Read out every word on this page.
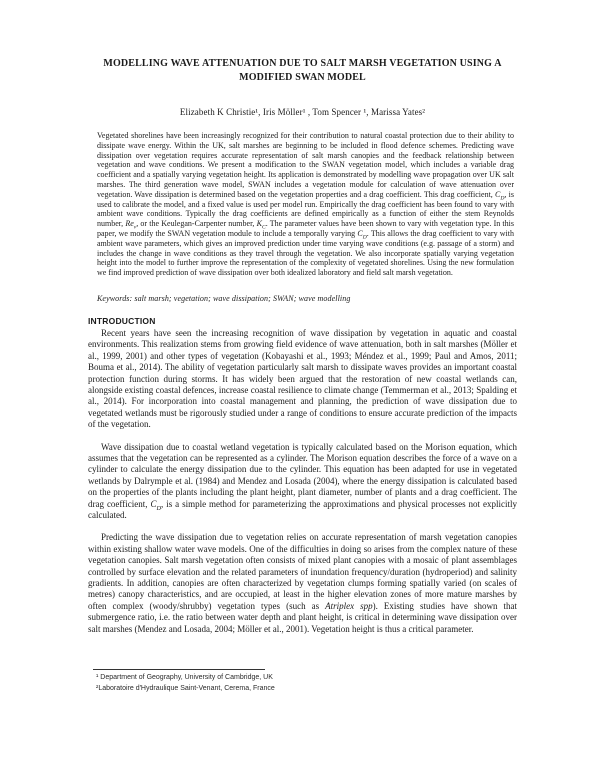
MODELLING WAVE ATTENUATION DUE TO SALT MARSH VEGETATION USING A
MODIFIED SWAN MODEL
Elizabeth K Christie¹, Iris Möller¹ , Tom Spencer ¹, Marissa Yates²
Vegetated shorelines have been increasingly recognized for their contribution to natural coastal protection due to their ability to dissipate wave energy. Within the UK, salt marshes are beginning to be included in flood defence schemes. Predicting wave dissipation over vegetation requires accurate representation of salt marsh canopies and the feedback relationship between vegetation and wave conditions. We present a modification to the SWAN vegetation model, which includes a variable drag coefficient and a spatially varying vegetation height. Its application is demonstrated by modelling wave propagation over UK salt marshes. The third generation wave model, SWAN includes a vegetation module for calculation of wave attenuation over vegetation. Wave dissipation is determined based on the vegetation properties and a drag coefficient. This drag coefficient, $C_D$, is used to calibrate the model, and a fixed value is used per model run. Empirically the drag coefficient has been found to vary with ambient wave conditions. Typically the drag coefficients are defined empirically as a function of either the stem Reynolds number, $Re_v$, or the Keulegan-Carpenter number, $K_C$. The parameter values have been shown to vary with vegetation type. In this paper, we modify the SWAN vegetation module to include a temporally varying $C_D$. This allows the drag coefficient to vary with ambient wave parameters, which gives an improved prediction under time varying wave conditions (e.g. passage of a storm) and includes the change in wave conditions as they travel through the vegetation. We also incorporate spatially varying vegetation height into the model to further improve the representation of the complexity of vegetated shorelines. Using the new formulation we find improved prediction of wave dissipation over both idealized laboratory and field salt marsh vegetation.
Keywords: salt marsh; vegetation; wave dissipation; SWAN; wave modelling
INTRODUCTION

Recent years have seen the increasing recognition of wave dissipation by vegetation in aquatic and coastal environments. This realization stems from growing field evidence of wave attenuation, both in salt marshes (Möller et al., 1999, 2001) and other types of vegetation (Kobayashi et al., 1993; Méndez et al., 1999; Paul and Amos, 2011; Bouma et al., 2014). The ability of vegetation particularly salt marsh to dissipate waves provides an important coastal protection function during storms. It has widely been argued that the restoration of new coastal wetlands can, alongside existing coastal defences, increase coastal resilience to climate change (Temmerman et al., 2013; Spalding et al., 2014). For incorporation into coastal management and planning, the prediction of wave dissipation due to vegetated wetlands must be rigorously studied under a range of conditions to ensure accurate prediction of the impacts of the vegetation.

Wave dissipation due to coastal wetland vegetation is typically calculated based on the Morison equation, which assumes that the vegetation can be represented as a cylinder. The Morison equation describes the force of a wave on a cylinder to calculate the energy dissipation due to the cylinder. This equation has been adapted for use in vegetated wetlands by Dalrymple et al. (1984) and Mendez and Losada (2004), where the energy dissipation is calculated based on the properties of the plants including the plant height, plant diameter, number of plants and a drag coefficient. The drag coefficient, $C_D$, is a simple method for parameterizing the approximations and physical processes not explicitly calculated.

Predicting the wave dissipation due to vegetation relies on accurate representation of marsh vegetation canopies within existing shallow water wave models. One of the difficulties in doing so arises from the complex nature of these vegetation canopies. Salt marsh vegetation often consists of mixed plant canopies with a mosaic of plant assemblages controlled by surface elevation and the related parameters of inundation frequency/duration (hydroperiod) and salinity gradients. In addition, canopies are often characterized by vegetation clumps forming spatially varied (on scales of metres) canopy characteristics, and are occupied, at least in the higher elevation zones of more mature marshes by often complex (woody/shrubby) vegetation types (such as Atriplex spp). Existing studies have shown that submergence ratio, i.e. the ratio between water depth and plant height, is critical in determining wave dissipation over salt marshes (Mendez and Losada, 2004; Möller et al., 2001). Vegetation height is thus a critical parameter.

¹ Department of Geography, University of Cambridge, UK
²Laboratoire d'Hydraulique Saint-Venant, Cerema, France
